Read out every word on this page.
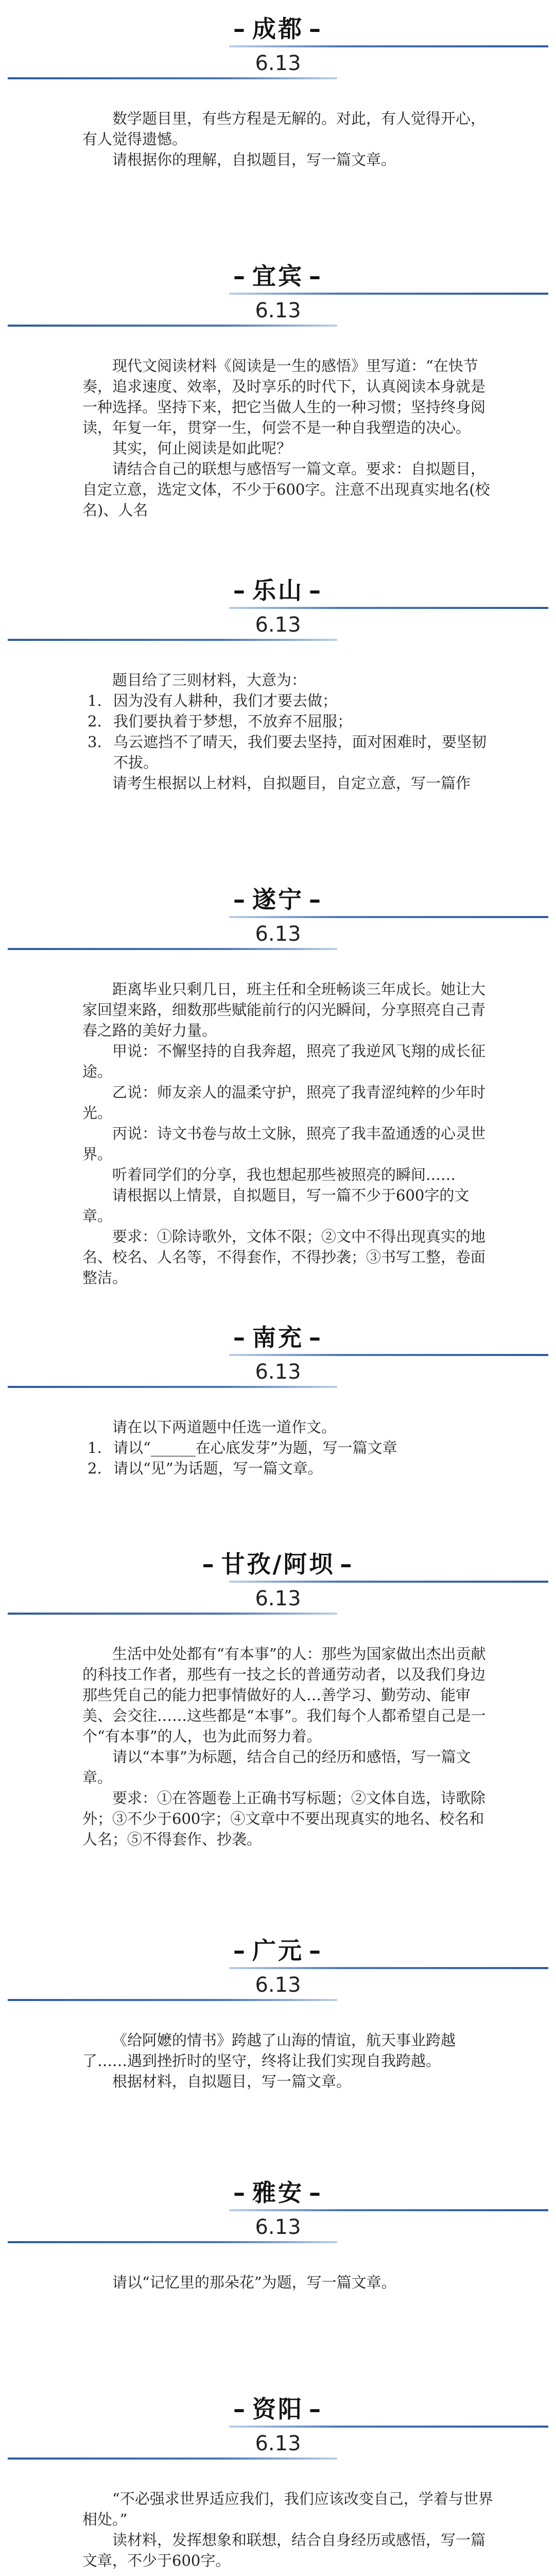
– 成都 –
6.13

数学题目里，有些方程是无解的。对此，有人觉得开心，有人觉得遗憾。

请根据你的理解，自拟题目，写一篇文章。

– 宜宾 –
6.13

现代文阅读材料《阅读是一生的感悟》里写道：“在快节奏，追求速度、效率，及时享乐的时代下，认真阅读本身就是一种选择。坚持下来，把它当做人生的一种习惯；坚持终身阅读，年复一年，贯穿一生，何尝不是一种自我塑造的决心。

其实，何止阅读是如此呢？

请结合自己的联想与感悟写一篇文章。要求：自拟题目，自定立意，选定文体，不少于600字。注意不出现真实地名(校名)、人名

– 乐山 –
6.13

题目给了三则材料，大意为：

1. 因为没有人耕种，我们才要去做；

2. 我们要执着于梦想，不放弃不屈服；

3. 乌云遮挡不了晴天，我们要去坚持，面对困难时，要坚韧不拔。

请考生根据以上材料，自拟题目，自定立意，写一篇作

– 遂宁 –
6.13

距离毕业只剩几日，班主任和全班畅谈三年成长。她让大家回望来路，细数那些赋能前行的闪光瞬间，分享照亮自己青春之路的美好力量。

甲说：不懈坚持的自我奔超，照亮了我逆风飞翔的成长征途。

乙说：师友亲人的温柔守护，照亮了我青涩纯粹的少年时光。

丙说：诗文书卷与故土文脉，照亮了我丰盈通透的心灵世界。

听着同学们的分享，我也想起那些被照亮的瞬间……

请根据以上情景，自拟题目，写一篇不少于600字的文章。

要求：①除诗歌外，文体不限；②文中不得出现真实的地名、校名、人名等，不得套作，不得抄袭；③书写工整，卷面整洁。

– 南充 –
6.13

请在以下两道题中任选一道作文。

1. 请以“______在心底发芽”为题，写一篇文章

2. 请以“见”为话题，写一篇文章。

– 甘孜/阿坝 –
6.13

生活中处处都有“有本事”的人：那些为国家做出杰出贡献的科技工作者，那些有一技之长的普通劳动者，以及我们身边那些凭自己的能力把事情做好的人…善学习、勤劳动、能审美、会交往……这些都是“本事”。我们每个人都希望自己是一个“有本事”的人，也为此而努力着。

请以“本事”为标题，结合自己的经历和感悟，写一篇文章。

要求：①在答题卷上正确书写标题；②文体自选，诗歌除外；③不少于600字；④文章中不要出现真实的地名、校名和人名；⑤不得套作、抄袭。

– 广元 –
6.13

《给阿嬷的情书》跨越了山海的情谊，航天事业跨越了……遇到挫折时的坚守，终将让我们实现自我跨越。

根据材料，自拟题目，写一篇文章。

– 雅安 –
6.13

请以“记忆里的那朵花”为题，写一篇文章。

– 资阳 –
6.13

“不必强求世界适应我们，我们应该改变自己，学着与世界相处。”

读材料，发挥想象和联想，结合自身经历或感悟，写一篇文章，不少于600字。
